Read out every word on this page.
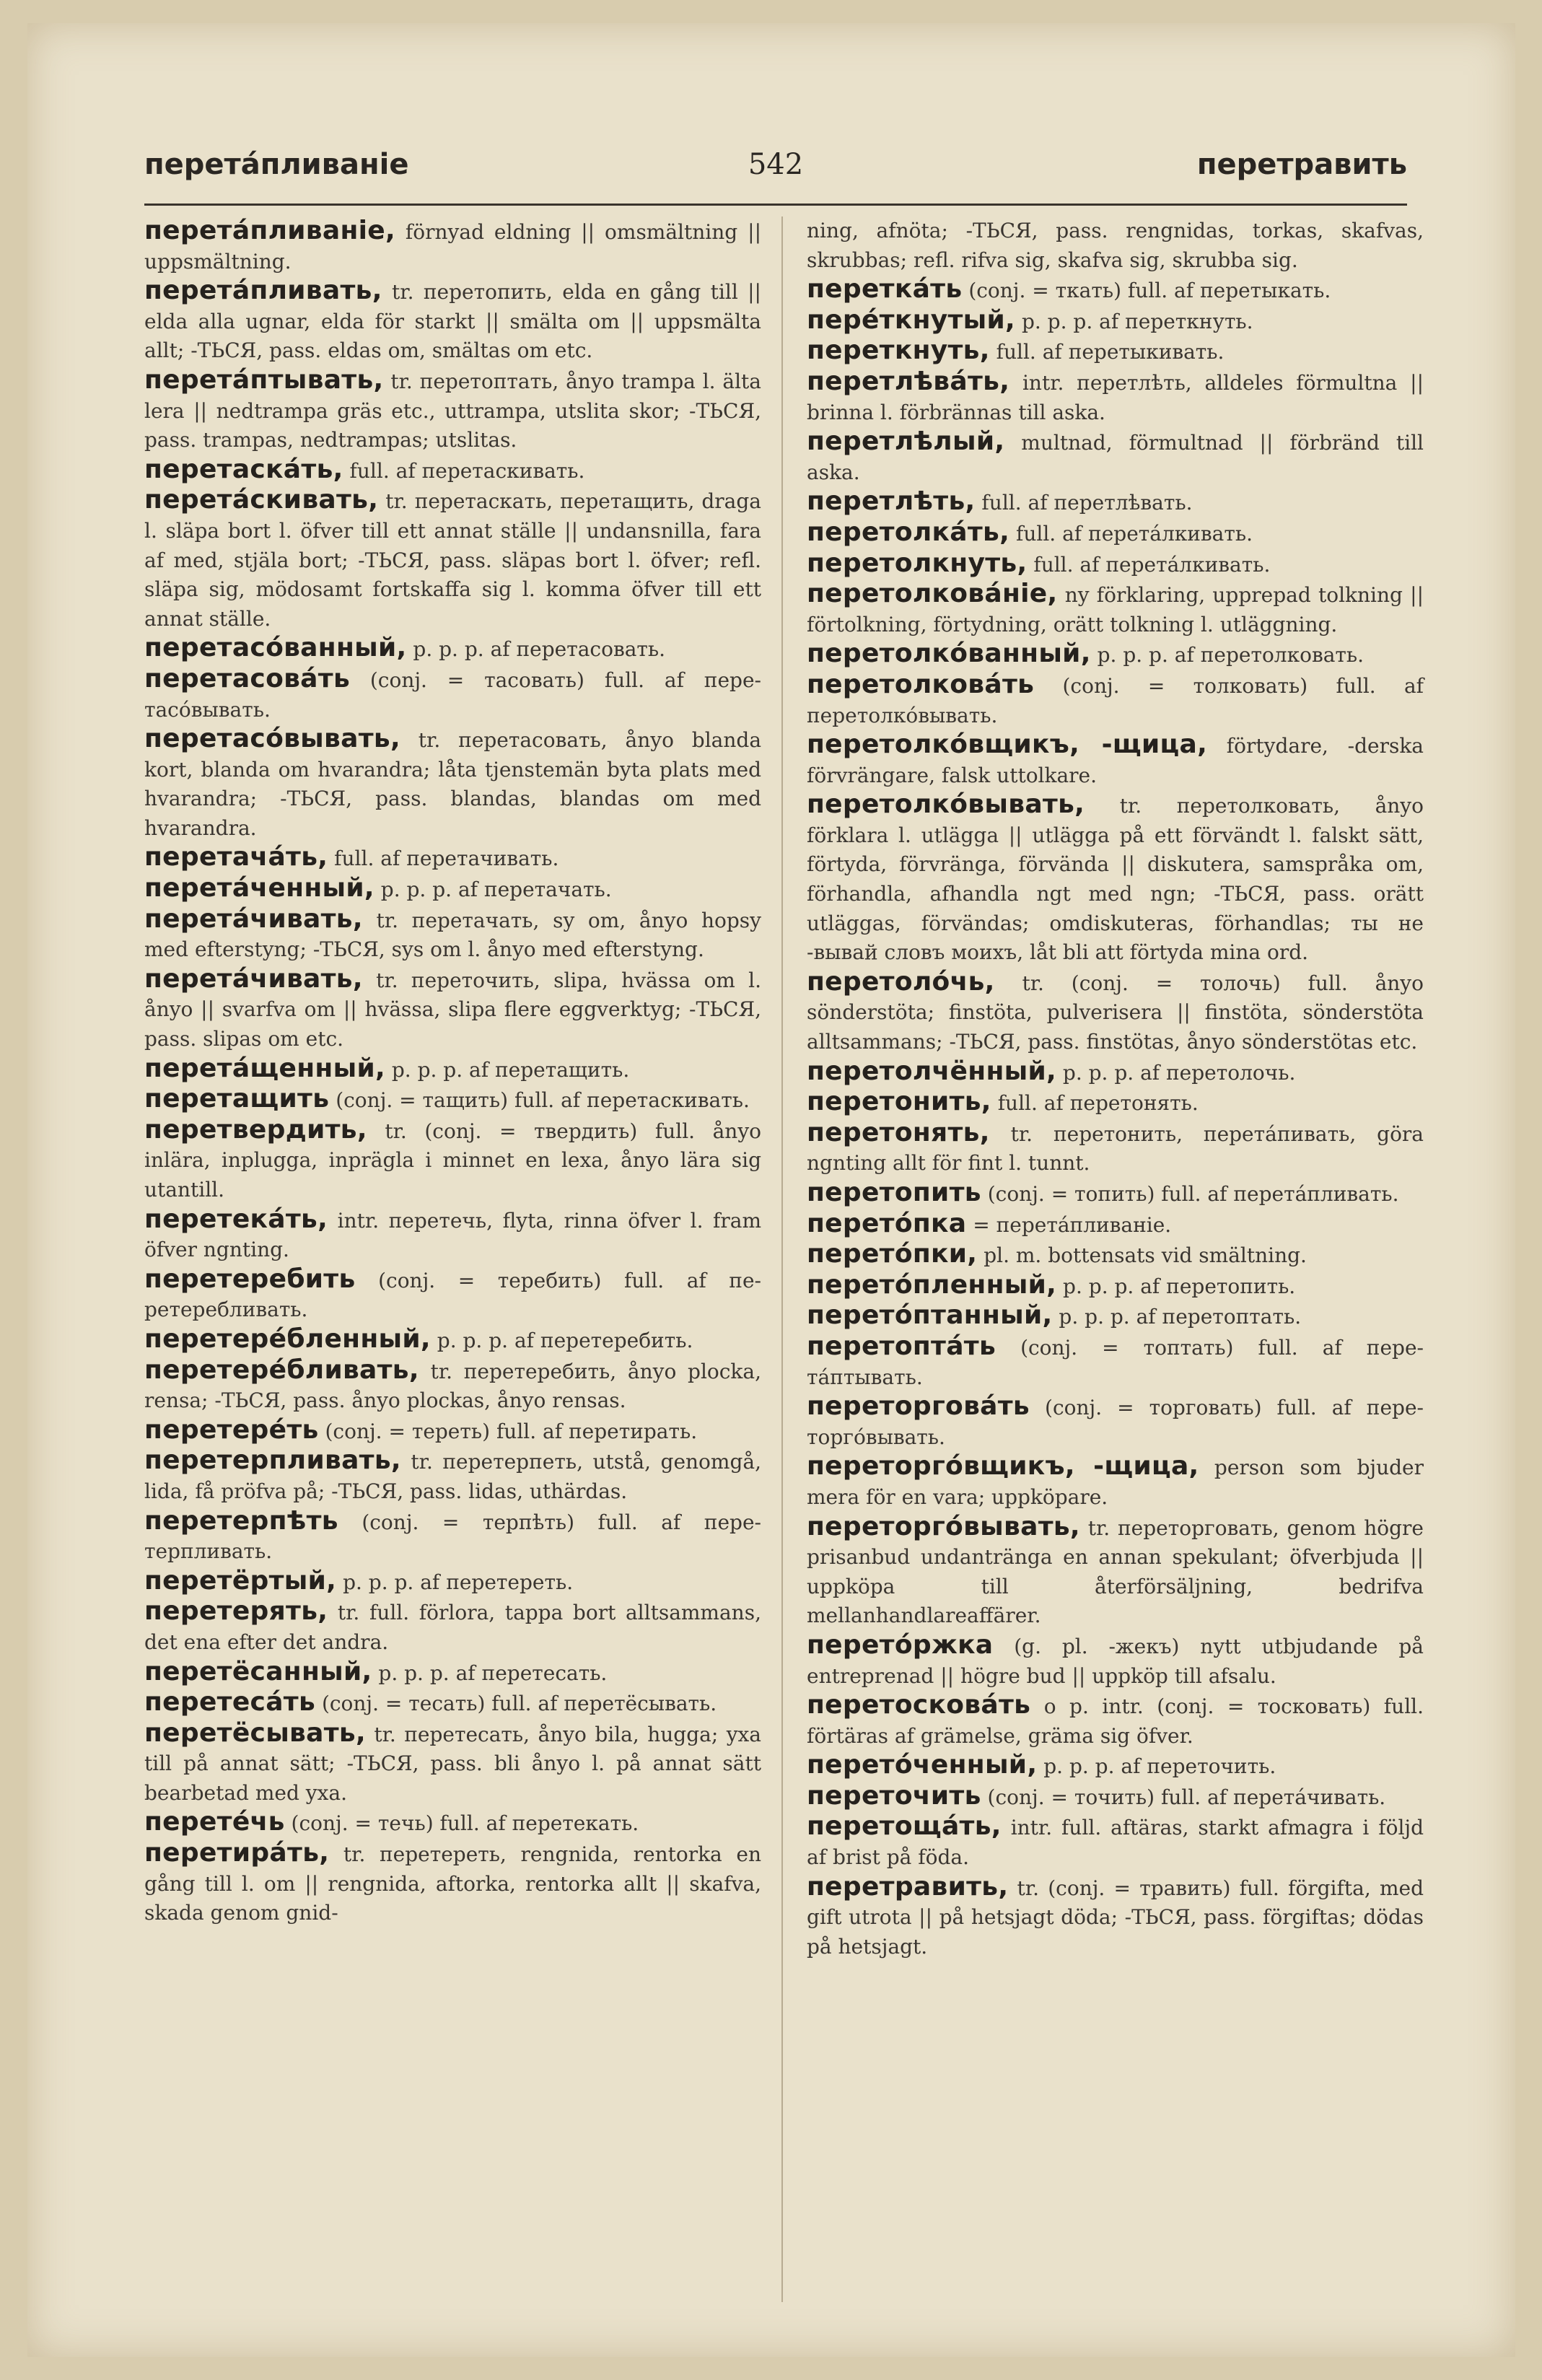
перетáпливанiе	542	перетравить

перетáпливанiе, förnyad eldning || omsmältning || uppsmältning.

перетáпливать, tr. перетопить, elda en gång till || elda alla ugnar, elda för starkt || smälta om || uppsmälta allt; -ТЬСЯ, pass. eldas om, smältas om etc.

перетáптывать, tr. перетоптать, ånyo trampa l. älta lera || nedtrampa gräs etc., uttrampa, utslita skor; -ТЬСЯ, pass. trampas, nedtrampas; utslitas.

перетаскáть, full. af перетаскивать.

перетáскивать, tr. перетаскать, перетащить, draga l. släpa bort l. öfver till ett annat ställe || undansnilla, fara af med, stjäla bort; -ТЬСЯ, pass. släpas bort l. öfver; refl. släpa sig, mödosamt fortskaffa sig l. komma öfver till ett annat ställe.

перетасóванный, p. p. p. af перетасовать.

перетасовáть (conj. = тасовать) full. af перетасóвывать.

перетасóвывать, tr. перетасовать, ånyo blanda kort, blanda om hvarandra; låta tjenstemän byta plats med hvarandra; -ТЬСЯ, pass. blandas, blandas om med hvarandra.

перетачáть, full. af перетачивать.

перетáченный, p. p. p. af перетачать.

перетáчивать, tr. перетачать, sy om, ånyo hopsy med efterstyng; -ТЬСЯ, sys om l. ånyo med efterstyng.

перетáчивать, tr. переточить, slipa, hvässa om l. ånyo || svarfva om || hvässa, slipa flere eggverktyg; -ТЬСЯ, pass. slipas om etc.

перетáщенный, p. p. p. af перетащить.

перетащить (conj. = тащить) full. af перетаскивать.

перетвердить, tr. (conj. = твердить) full. ånyo inlära, inplugga, inprägla i minnet en lexa, ånyo lära sig utantill.

перетекáть, intr. перетечь, flyta, rinna öfver l. fram öfver ngnting.

перетеребить (conj. = теребить) full. af перетеребливать.

перетерéбленный, p. p. p. af перетеребить.

перетерéбливать, tr. перетеребить, ånyo plocka, rensa; -ТЬСЯ, pass. ånyo plockas, ånyo rensas.

перетерéть (conj. = тереть) full. af перетирать.

перетерпливать, tr. перетерпеть, utstå, genomgå, lida, få pröfva på; -ТЬСЯ, pass. lidas, uthärdas.

перетерпѣть (conj. = терпѣть) full. af перетерпливать.

перетёртый, p. p. p. af перетереть.

перетерять, tr. full. förlora, tappa bort alltsammans, det ena efter det andra.

перетёсанный, p. p. p. af перетесать.

перетесáть (conj. = тесать) full. af перетёсывать.

перетёсывать, tr. перетесать, ånyo bila, hugga; yxa till på annat sätt; -ТЬСЯ, pass. bli ånyo l. på annat sätt bearbetad med yxa.

перетéчь (conj. = течь) full. af перетекать.

перетирáть, tr. перетереть, rengnida, rentorka en gång till l. om || rengnida, aftorka, rentorka allt || skafva, skada genom gnid-

ning, afnöta; -ТЬСЯ, pass. rengnidas, torkas, skafvas, skrubbas; refl. rifva sig, skafva sig, skrubba sig.

переткáть (conj. = ткать) full. af перетыкать.

перéткнутый, p. p. p. af переткнуть.

переткнуть, full. af перетыкивать.

перетлѣвáть, intr. перетлѣть, alldeles förmultna || brinna l. förbrännas till aska.

перетлѣлый, multnad, förmultnad || förbränd till aska.

перетлѣть, full. af перетлѣвать.

перетолкáть, full. af перетáлкивать.

перетолкнуть, full. af перетáлкивать.

перетолковáнiе, ny förklaring, upprepad tolkning || förtolkning, förtydning, orätt tolkning l. utläggning.

перетолкóванный, p. p. p. af перетолковать.

перетолковáть (conj. = толковать) full. af перетолкóвывать.

перетолкóвщикъ, -щица, förtydare, -derska förvrängare, falsk uttolkare.

перетолкóвывать, tr. перетолковать, ånyo förklara l. utlägga || utlägga på ett förvändt l. falskt sätt, förtyda, förvränga, förvända || diskutera, samspråka om, förhandla, afhandla ngt med ngn; -ТЬСЯ, pass. orätt utläggas, förvändas; omdiskuteras, förhandlas; ты не -вывай словъ моихъ, låt bli att förtyda mina ord.

перетолóчь, tr. (conj. = толочь) full. ånyo sönderstöta; finstöta, pulverisera || finstöta, sönderstöta alltsammans; -ТЬСЯ, pass. finstötas, ånyo sönderstötas etc.

перетолчённый, p. p. p. af перетолочь.

перетонить, full. af перетонять.

перетонять, tr. перетонить, перетáпивать, göra ngnting allt för fint l. tunnt.

перетопить (conj. = топить) full. af перетáпливать.

перетóпка = перетáпливанiе.

перетóпки, pl. m. bottensats vid smältning.

перетóпленный, p. p. p. af перетопить.

перетóптанный, p. p. p. af перетоптать.

перетоптáть (conj. = топтать) full. af перетáптывать.

переторговáть (conj. = торговать) full. af переторгóвывать.

переторгóвщикъ, -щица, person som bjuder mera för en vara; uppköpare.

переторгóвывать, tr. переторговать, genom högre prisanbud undantränga en annan spekulant; öfverbjuda || uppköpa till återförsäljning, bedrifva mellanhandlareaffärer.

перетóржка (g. pl. -жекъ) nytt utbjudande på entreprenad || högre bud || uppköp till afsalu.

перетосковáть o p. intr. (conj. = тосковать) full. förtäras af grämelse, gräma sig öfver.

перетóченный, p. p. p. af переточить.

переточить (conj. = точить) full. af перетáчивать.

перетощáть, intr. full. aftäras, starkt afmagra i följd af brist på föda.

перетравить, tr. (conj. = травить) full. förgifta, med gift utrota || på hetsjagt döda; -ТЬСЯ, pass. förgiftas; dödas på hetsjagt.
